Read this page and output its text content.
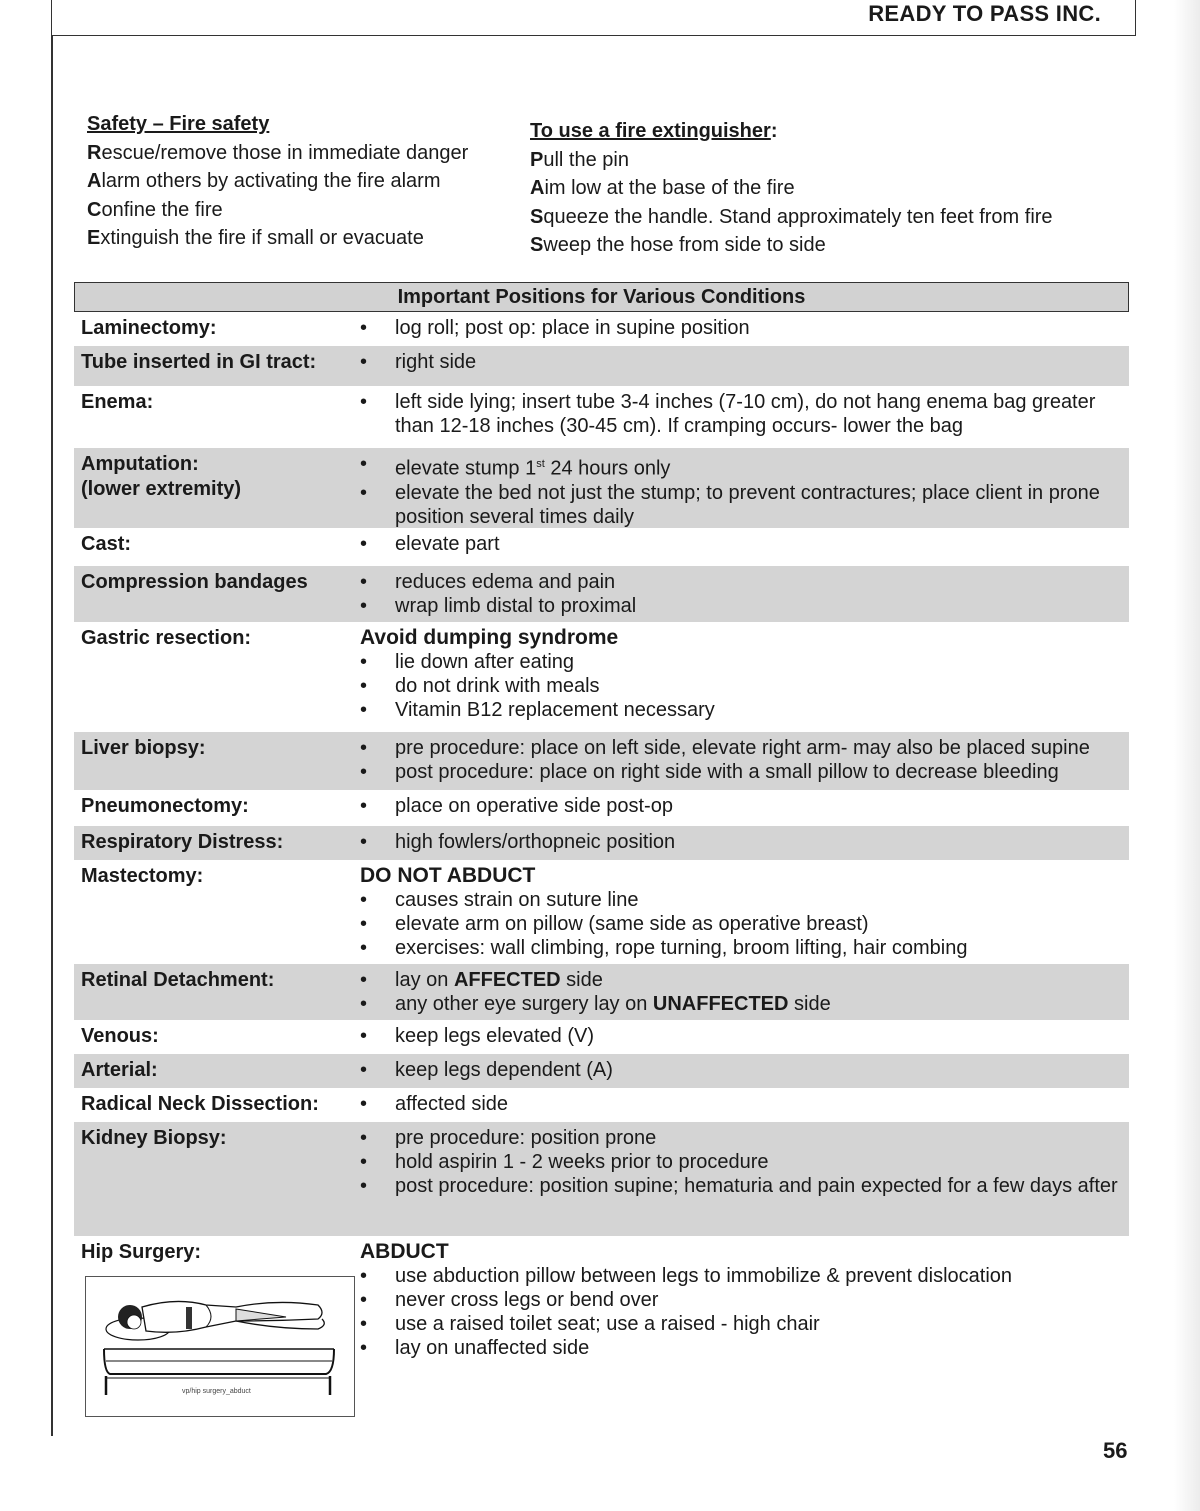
READY TO PASS INC.
Safety – Fire safety
Rescue/remove those in immediate danger
Alarm others by activating the fire alarm
Confine the fire
Extinguish the fire if small or evacuate
To use a fire extinguisher:
Pull the pin
Aim low at the base of the fire
Squeeze the handle. Stand approximately ten feet from fire
Sweep the hose from side to side
Important Positions for Various Conditions
Laminectomy:	•	log roll; post op: place in supine position
Tube inserted in GI tract:	•	right side
Enema:	•	left side lying; insert tube 3-4 inches (7-10 cm), do not hang enema bag greater than 12-18 inches (30-45 cm). If cramping occurs- lower the bag
Amputation:
(lower extremity)
•	elevate stump 1st 24 hours only
•	elevate the bed not just the stump; to prevent contractures; place client in prone position several times daily
Cast:	•	elevate part
Compression bandages	•	reduces edema and pain
•	wrap limb distal to proximal
Gastric resection:	Avoid dumping syndrome
•	lie down after eating
•	do not drink with meals
•	Vitamin B12 replacement necessary
Liver biopsy:	•	pre procedure: place on left side, elevate right arm- may also be placed supine
•	post procedure: place on right side with a small pillow to decrease bleeding
Pneumonectomy:	•	place on operative side post-op
Respiratory Distress:	•	high fowlers/orthopneic position
Mastectomy:	DO NOT ABDUCT
•	causes strain on suture line
•	elevate arm on pillow (same side as operative breast)
•	exercises: wall climbing, rope turning, broom lifting, hair combing
Retinal Detachment:	•	lay on AFFECTED side
•	any other eye surgery lay on UNAFFECTED side
Venous:	•	keep legs elevated (V)
Arterial:	•	keep legs dependent (A)
Radical Neck Dissection:	•	affected side
Kidney Biopsy:	•	pre procedure: position prone
•	hold aspirin 1 - 2 weeks prior to procedure
•	post procedure: position supine; hematuria and pain expected for a few days after
Hip Surgery:	ABDUCT
•	use abduction pillow between legs to immobilize & prevent dislocation
•	never cross legs or bend over
•	use a raised toilet seat; use a raised - high chair
•	lay on unaffected side
vp/hip surgery_abduct
56
